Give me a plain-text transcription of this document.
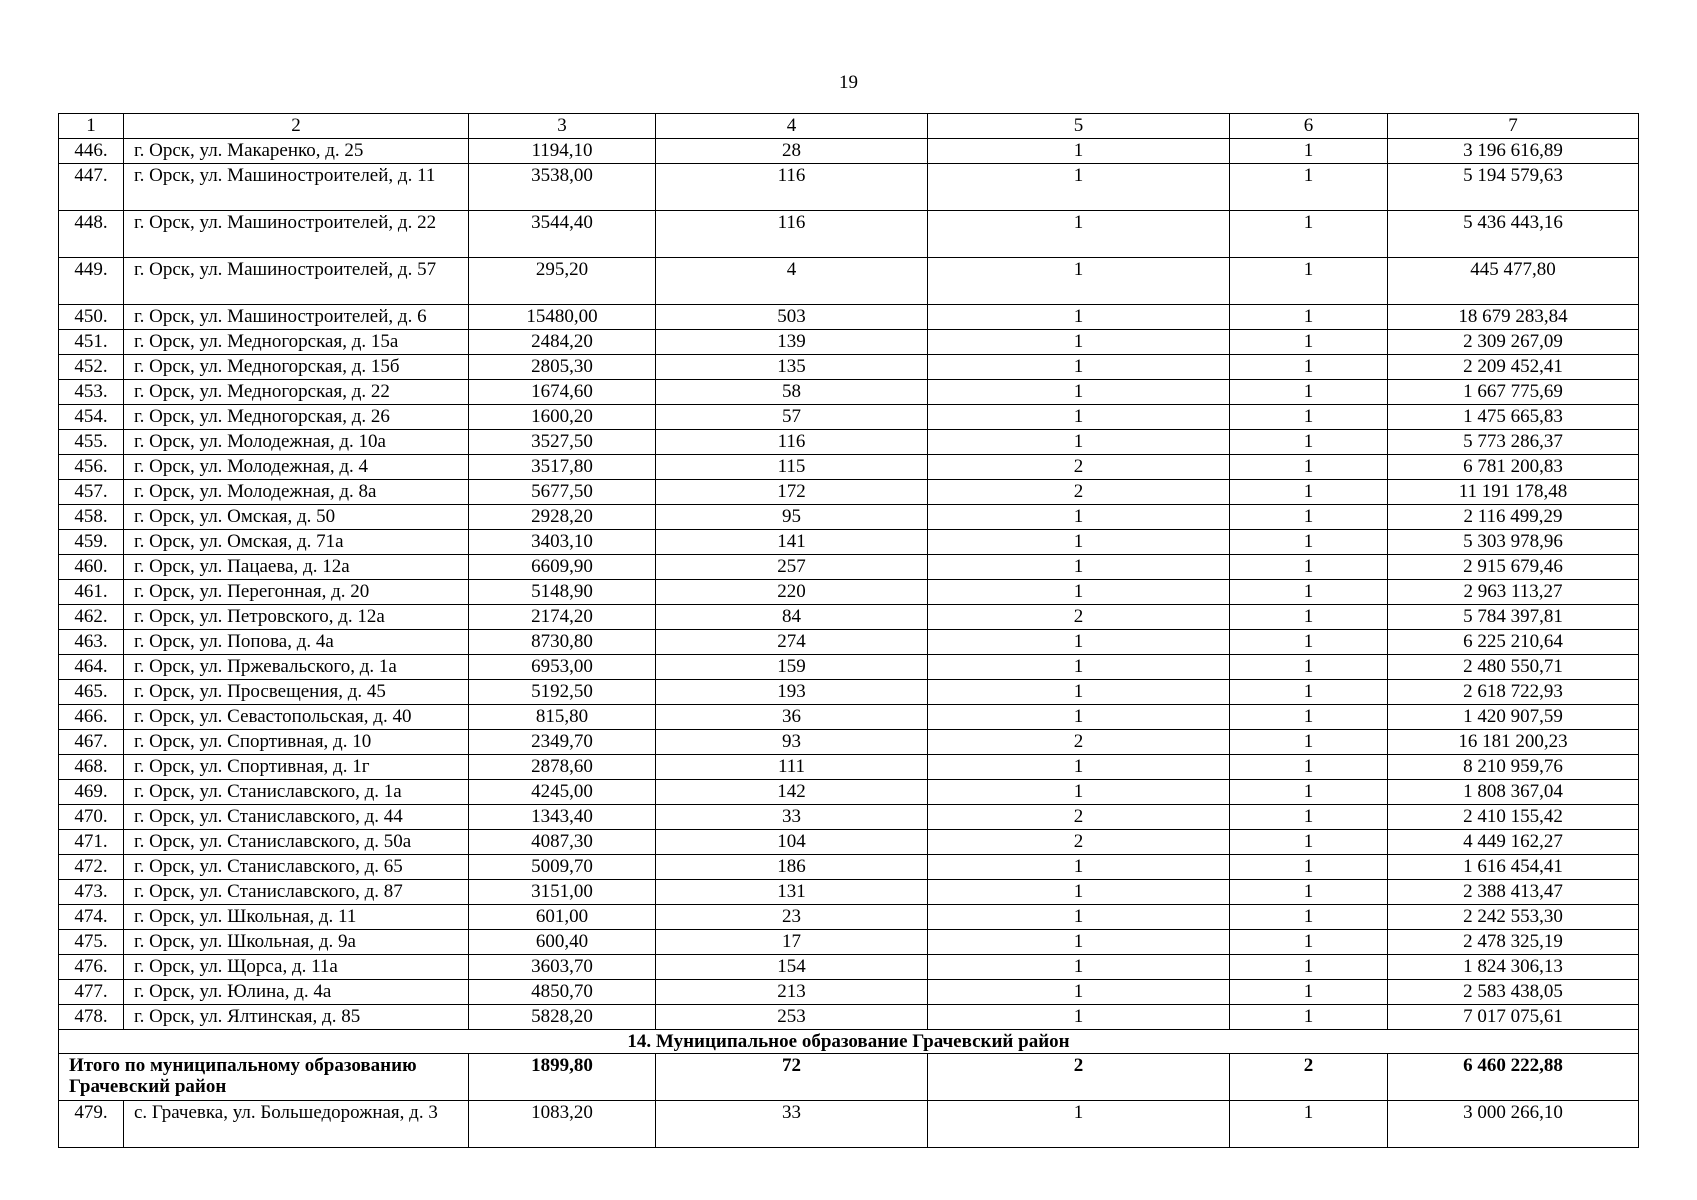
19
1	2	3	4	5	6	7
446.	г. Орск, ул. Макаренко, д. 25	1194,10	28	1	1	3 196 616,89
447.	г. Орск, ул. Машиностроителей, д. 11	3538,00	116	1	1	5 194 579,63
448.	г. Орск, ул. Машиностроителей, д. 22	3544,40	116	1	1	5 436 443,16
449.	г. Орск, ул. Машиностроителей, д. 57	295,20	4	1	1	445 477,80
450.	г. Орск, ул. Машиностроителей, д. 6	15480,00	503	1	1	18 679 283,84
451.	г. Орск, ул. Медногорская, д. 15а	2484,20	139	1	1	2 309 267,09
452.	г. Орск, ул. Медногорская, д. 15б	2805,30	135	1	1	2 209 452,41
453.	г. Орск, ул. Медногорская, д. 22	1674,60	58	1	1	1 667 775,69
454.	г. Орск, ул. Медногорская, д. 26	1600,20	57	1	1	1 475 665,83
455.	г. Орск, ул. Молодежная, д. 10а	3527,50	116	1	1	5 773 286,37
456.	г. Орск, ул. Молодежная, д. 4	3517,80	115	2	1	6 781 200,83
457.	г. Орск, ул. Молодежная, д. 8а	5677,50	172	2	1	11 191 178,48
458.	г. Орск, ул. Омская, д. 50	2928,20	95	1	1	2 116 499,29
459.	г. Орск, ул. Омская, д. 71а	3403,10	141	1	1	5 303 978,96
460.	г. Орск, ул. Пацаева, д. 12а	6609,90	257	1	1	2 915 679,46
461.	г. Орск, ул. Перегонная, д. 20	5148,90	220	1	1	2 963 113,27
462.	г. Орск, ул. Петровского, д. 12а	2174,20	84	2	1	5 784 397,81
463.	г. Орск, ул. Попова, д. 4а	8730,80	274	1	1	6 225 210,64
464.	г. Орск, ул. Пржевальского, д. 1а	6953,00	159	1	1	2 480 550,71
465.	г. Орск, ул. Просвещения, д. 45	5192,50	193	1	1	2 618 722,93
466.	г. Орск, ул. Севастопольская, д. 40	815,80	36	1	1	1 420 907,59
467.	г. Орск, ул. Спортивная, д. 10	2349,70	93	2	1	16 181 200,23
468.	г. Орск, ул. Спортивная, д. 1г	2878,60	111	1	1	8 210 959,76
469.	г. Орск, ул. Станиславского, д. 1а	4245,00	142	1	1	1 808 367,04
470.	г. Орск, ул. Станиславского, д. 44	1343,40	33	2	1	2 410 155,42
471.	г. Орск, ул. Станиславского, д. 50а	4087,30	104	2	1	4 449 162,27
472.	г. Орск, ул. Станиславского, д. 65	5009,70	186	1	1	1 616 454,41
473.	г. Орск, ул. Станиславского, д. 87	3151,00	131	1	1	2 388 413,47
474.	г. Орск, ул. Школьная, д. 11	601,00	23	1	1	2 242 553,30
475.	г. Орск, ул. Школьная, д. 9а	600,40	17	1	1	2 478 325,19
476.	г. Орск, ул. Щорса, д. 11а	3603,70	154	1	1	1 824 306,13
477.	г. Орск, ул. Юлина, д. 4а	4850,70	213	1	1	2 583 438,05
478.	г. Орск, ул. Ялтинская, д. 85	5828,20	253	1	1	7 017 075,61
14. Муниципальное образование Грачевский район						
Итого по муниципальному образованию Грачевский район		1899,80	72	2	2	6 460 222,88
479.	с. Грачевка, ул. Большедорожная, д. 3	1083,20	33	1	1	3 000 266,10
